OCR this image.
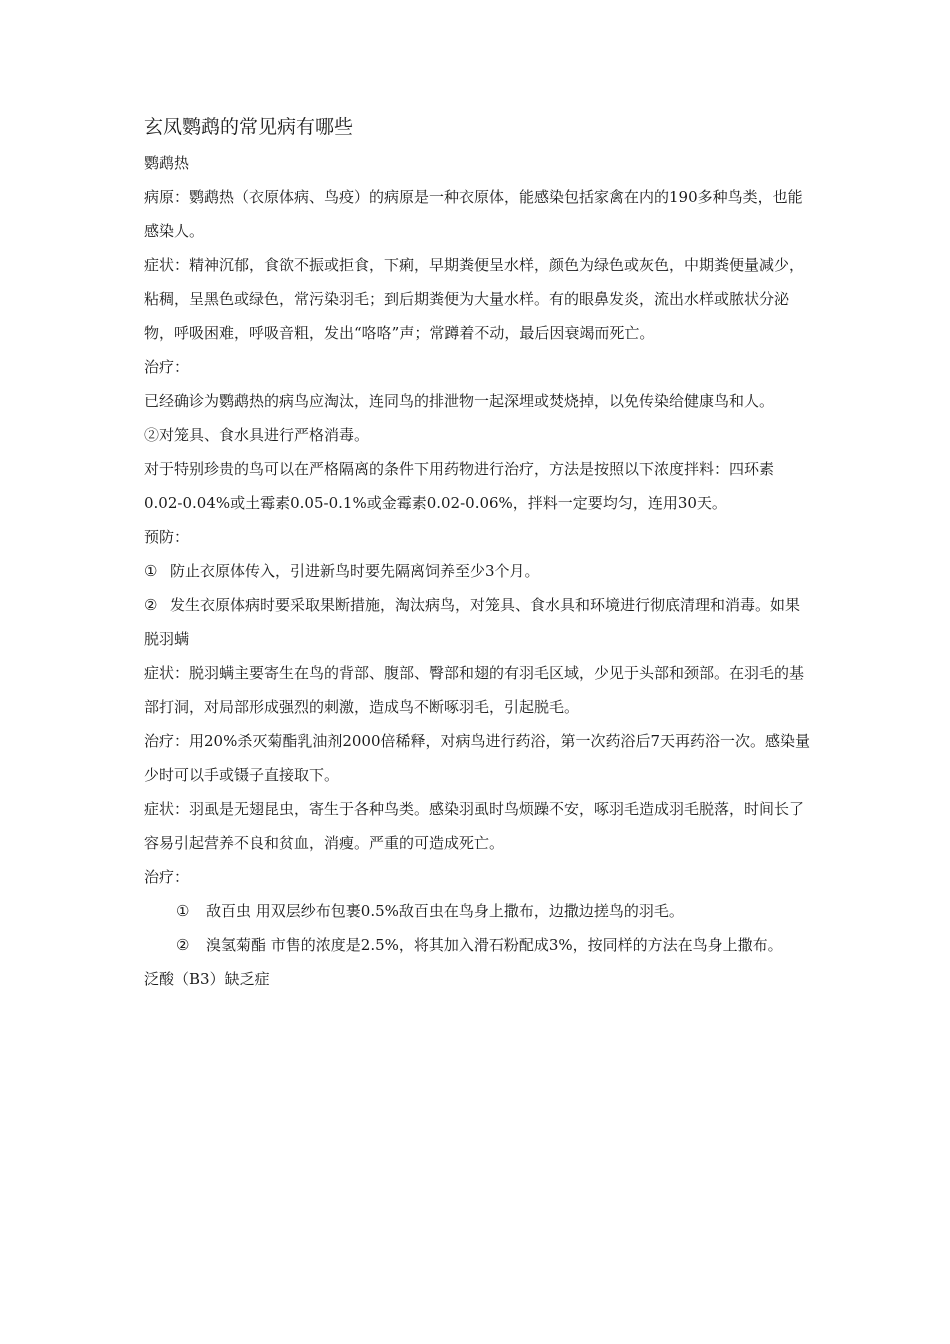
玄凤鹦鹉的常见病有哪些

鹦鹉热

病原：鹦鹉热（衣原体病、鸟疫）的病原是一种衣原体，能感染包括家禽在内的190多种鸟类，也能感染人。

症状：精神沉郁，食欲不振或拒食，下痢，早期粪便呈水样，颜色为绿色或灰色，中期粪便量减少，粘稠，呈黑色或绿色，常污染羽毛；到后期粪便为大量水样。有的眼鼻发炎，流出水样或脓状分泌物，呼吸困难，呼吸音粗，发出“咯咯”声；常蹲着不动，最后因衰竭而死亡。

治疗：

已经确诊为鹦鹉热的病鸟应淘汰，连同鸟的排泄物一起深埋或焚烧掉，以免传染给健康鸟和人。

②对笼具、食水具进行严格消毒。

对于特别珍贵的鸟可以在严格隔离的条件下用药物进行治疗，方法是按照以下浓度拌料：四环素0.02-0.04%或土霉素0.05-0.1%或金霉素0.02-0.06%，拌料一定要均匀，连用30天。

预防：

① 防止衣原体传入，引进新鸟时要先隔离饲养至少3个月。
② 发生衣原体病时要采取果断措施，淘汰病鸟，对笼具、食水具和环境进行彻底清理和消毒。如果

脱羽螨

症状：脱羽螨主要寄生在鸟的背部、腹部、臀部和翅的有羽毛区域，少见于头部和颈部。在羽毛的基部打洞，对局部形成强烈的刺激，造成鸟不断啄羽毛，引起脱毛。

治疗：用20%杀灭菊酯乳油剂2000倍稀释，对病鸟进行药浴，第一次药浴后7天再药浴一次。感染量少时可以手或镊子直接取下。

症状：羽虱是无翅昆虫，寄生于各种鸟类。感染羽虱时鸟烦躁不安，啄羽毛造成羽毛脱落，时间长了容易引起营养不良和贫血，消瘦。严重的可造成死亡。

治疗：

①	敌百虫 用双层纱布包裹0.5%敌百虫在鸟身上撒布，边撒边搓鸟的羽毛。
②	溴氢菊酯 市售的浓度是2.5%，将其加入滑石粉配成3%，按同样的方法在鸟身上撒布。

泛酸（B3）缺乏症
